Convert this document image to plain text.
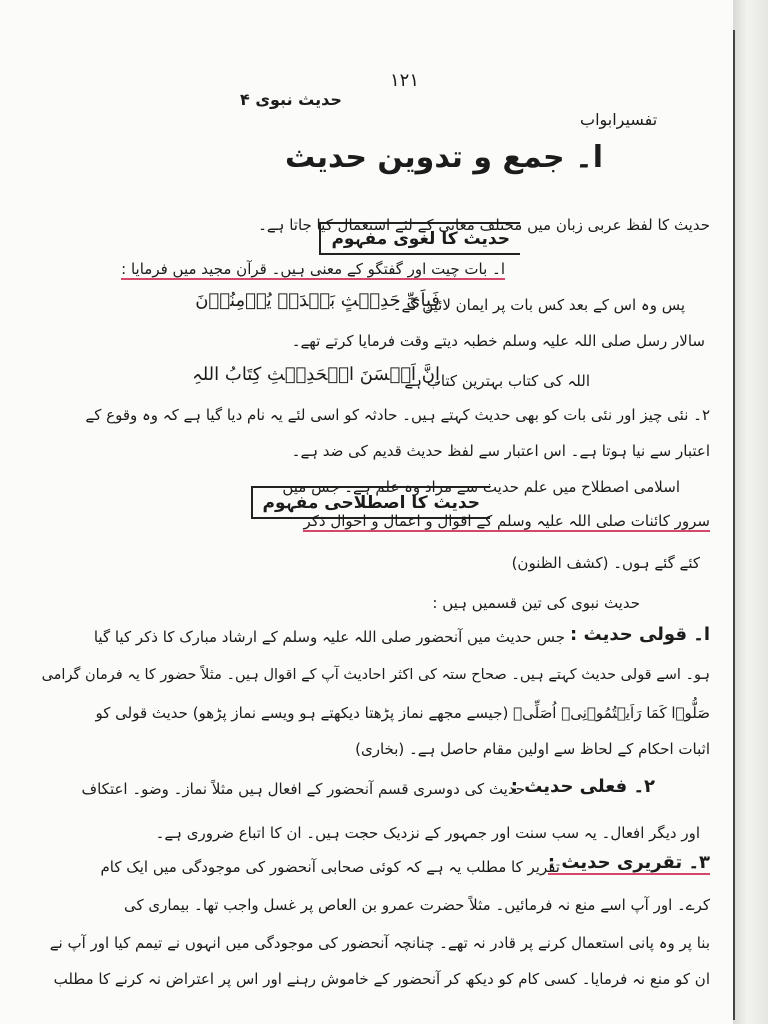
۱۲۱
تفسیرابواب
حدیث نبوی ۴
ا۔ جمع و تدوین حدیث
حدیث کا لغوی مفہوم
حدیث کا لفظ عربی زبان میں مختلف معانی کے لئے استعمال کیا جاتا ہے۔
ا۔ بات چیت اور گفتگو کے معنی ہیں۔ قرآن مجید میں فرمایا :
فَبِاَیِّ حَدِیۡثٍ بَعۡدَہٗ یُؤۡمِنُوۡنَ
پس وہ اس کے بعد کس بات پر ایمان لائیں گے۔
سالار رسل صلی اللہ علیہ وسلم خطبہ دیتے وقت فرمایا کرتے تھے۔
اِنَّ اَحۡسَنَ الۡحَدِیۡثِ کِتَابُ اللہِ
اللہ کی کتاب بہترین کتاب ہے
۲۔ نئی چیز اور نئی بات کو بھی حدیث کہتے ہیں۔ حادثہ کو اسی لئے یہ نام دیا گیا ہے کہ وہ وقوع کے
اعتبار سے نیا ہوتا ہے۔ اس اعتبار سے لفظ حدیث قدیم کی ضد ہے۔
حدیث کا اصطلاحی مفہوم
اسلامی اصطلاح میں علم حدیث سے مراد وہ علم ہے۔ جس میں
سرور کائنات صلی اللہ علیہ وسلم کے اقوال و اعمال و احوال ذکر
کئے گئے ہوں۔ (کشف الظنون)
حدیث نبوی کی تین قسمیں ہیں :
ا۔ قولی حدیث :
جس حدیث میں آنحضور صلی اللہ علیہ وسلم کے ارشاد مبارک کا ذکر کیا گیا
ہو۔ اسے قولی حدیث کہتے ہیں۔ صحاح ستہ کی اکثر احادیث آپ کے اقوال ہیں۔ مثلاً حضور کا یہ فرمان گرامی
صَلُّوۡا کَمَا رَاَیۡتُمُوۡنِیۡ اُصَلِّیۡ (جیسے مجھے نماز پڑھتا دیکھتے ہو ویسے نماز پڑھو) حدیث قولی کو
اثبات احکام کے لحاظ سے اولین مقام حاصل ہے۔ (بخاری)
۲۔ فعلی حدیث :
حدیث کی دوسری قسم آنحضور کے افعال ہیں مثلاً نماز۔ وضو۔ اعتکاف
اور دیگر افعال۔ یہ سب سنت اور جمہور کے نزدیک حجت ہیں۔ ان کا اتباع ضروری ہے۔
۳۔ تقریری حدیث :
تقریر کا مطلب یہ ہے کہ کوئی صحابی آنحضور کی موجودگی میں ایک کام
کرے۔ اور آپ اسے منع نہ فرمائیں۔ مثلاً حضرت عمرو بن العاص پر غسل واجب تھا۔ بیماری کی
بنا پر وہ پانی استعمال کرنے پر قادر نہ تھے۔ چنانچہ آنحضور کی موجودگی میں انہوں نے تیمم کیا اور آپ نے
ان کو منع نہ فرمایا۔ کسی کام کو دیکھ کر آنحضور کے خاموش رہنے اور اس پر اعتراض نہ کرنے کا مطلب
